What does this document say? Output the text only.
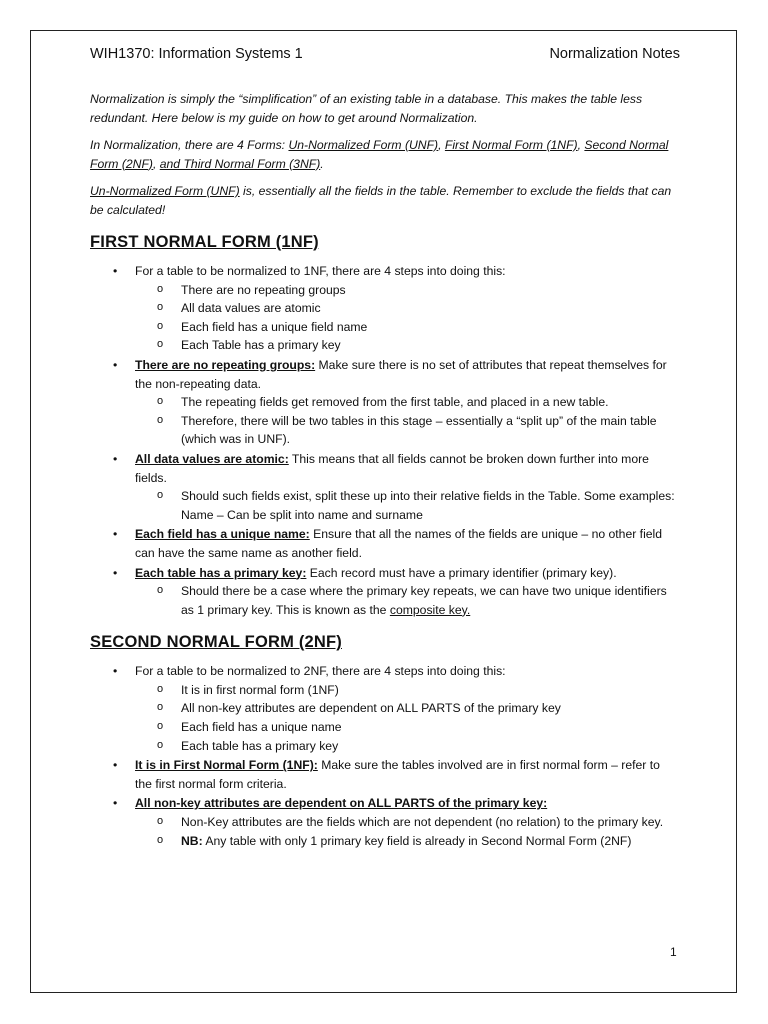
WIH1370: Information Systems 1	Normalization Notes

Normalization is simply the “simplification” of an existing table in a database. This makes the table less redundant. Here below is my guide on how to get around Normalization.

In Normalization, there are 4 Forms: Un-Normalized Form (UNF), First Normal Form (1NF), Second Normal Form (2NF), and Third Normal Form (3NF).

Un-Normalized Form (UNF) is, essentially all the fields in the table. Remember to exclude the fields that can be calculated!

FIRST NORMAL FORM (1NF)
• For a table to be normalized to 1NF, there are 4 steps into doing this:
o There are no repeating groups
o All data values are atomic
o Each field has a unique field name
o Each Table has a primary key
• There are no repeating groups: Make sure there is no set of attributes that repeat themselves for the non-repeating data.
o The repeating fields get removed from the first table, and placed in a new table.
o Therefore, there will be two tables in this stage – essentially a “split up” of the main table (which was in UNF).
• All data values are atomic: This means that all fields cannot be broken down further into more fields.
o Should such fields exist, split these up into their relative fields in the Table. Some examples: Name – Can be split into name and surname
• Each field has a unique name: Ensure that all the names of the fields are unique – no other field can have the same name as another field.
• Each table has a primary key: Each record must have a primary identifier (primary key).
o Should there be a case where the primary key repeats, we can have two unique identifiers as 1 primary key. This is known as the composite key.
SECOND NORMAL FORM (2NF)
• For a table to be normalized to 2NF, there are 4 steps into doing this:
o It is in first normal form (1NF)
o All non-key attributes are dependent on ALL PARTS of the primary key
o Each field has a unique name
o Each table has a primary key
• It is in First Normal Form (1NF): Make sure the tables involved are in first normal form – refer to the first normal form criteria.
• All non-key attributes are dependent on ALL PARTS of the primary key:
o Non-Key attributes are the fields which are not dependent (no relation) to the primary key.
o NB: Any table with only 1 primary key field is already in Second Normal Form (2NF)
1
